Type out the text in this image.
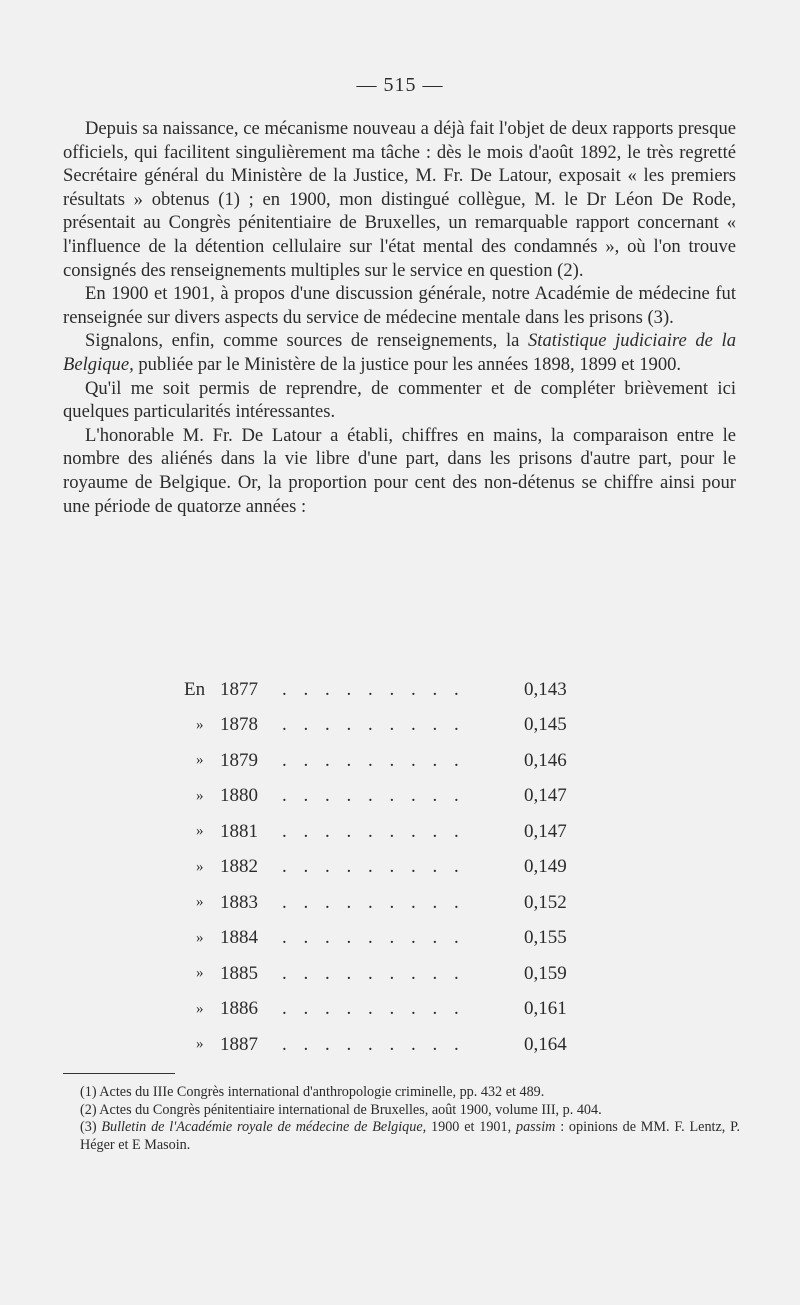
— 515 —

Depuis sa naissance, ce mécanisme nouveau a déjà fait l'objet de deux rapports presque officiels, qui facilitent singulièrement ma tâche : dès le mois d'août 1892, le très regretté Secrétaire général du Ministère de la Justice, M. Fr. De Latour, exposait « les premiers résultats » obtenus (1) ; en 1900, mon distingué collègue, M. le Dr Léon De Rode, présentait au Congrès pénitentiaire de Bruxelles, un remarquable rapport concernant « l'influence de la détention cellulaire sur l'état mental des condamnés », où l'on trouve consignés des renseignements multiples sur le service en question (2).

En 1900 et 1901, à propos d'une discussion générale, notre Académie de médecine fut renseignée sur divers aspects du service de médecine mentale dans les prisons (3).

Signalons, enfin, comme sources de renseignements, la Statistique judiciaire de la Belgique, publiée par le Ministère de la justice pour les années 1898, 1899 et 1900.

Qu'il me soit permis de reprendre, de commenter et de compléter brièvement ici quelques particularités intéressantes.

L'honorable M. Fr. De Latour a établi, chiffres en mains, la comparaison entre le nombre des aliénés dans la vie libre d'une part, dans les prisons d'autre part, pour le royaume de Belgique. Or, la proportion pour cent des non-détenus se chiffre ainsi pour une période de quatorze années :

En 1877	. . . . . . . . .	0,143
» 1878	. . . . . . . . .	0,145
» 1879	. . . . . . . . .	0,146
» 1880	. . . . . . . . .	0,147
» 1881	. . . . . . . . .	0,147
» 1882	. . . . . . . . .	0,149
» 1883	. . . . . . . . .	0,152
» 1884	. . . . . . . . .	0,155
» 1885	. . . . . . . . .	0,159
» 1886	. . . . . . . . .	0,161
» 1887	. . . . . . . . .	0,164

(1) Actes du IIIe Congrès international d'anthropologie criminelle, pp. 432 et 489.

(2) Actes du Congrès pénitentiaire international de Bruxelles, août 1900, volume III, p. 404.

(3) Bulletin de l'Académie royale de médecine de Belgique, 1900 et 1901, passim : opinions de MM. F. Lentz, P. Héger et E Masoin.
